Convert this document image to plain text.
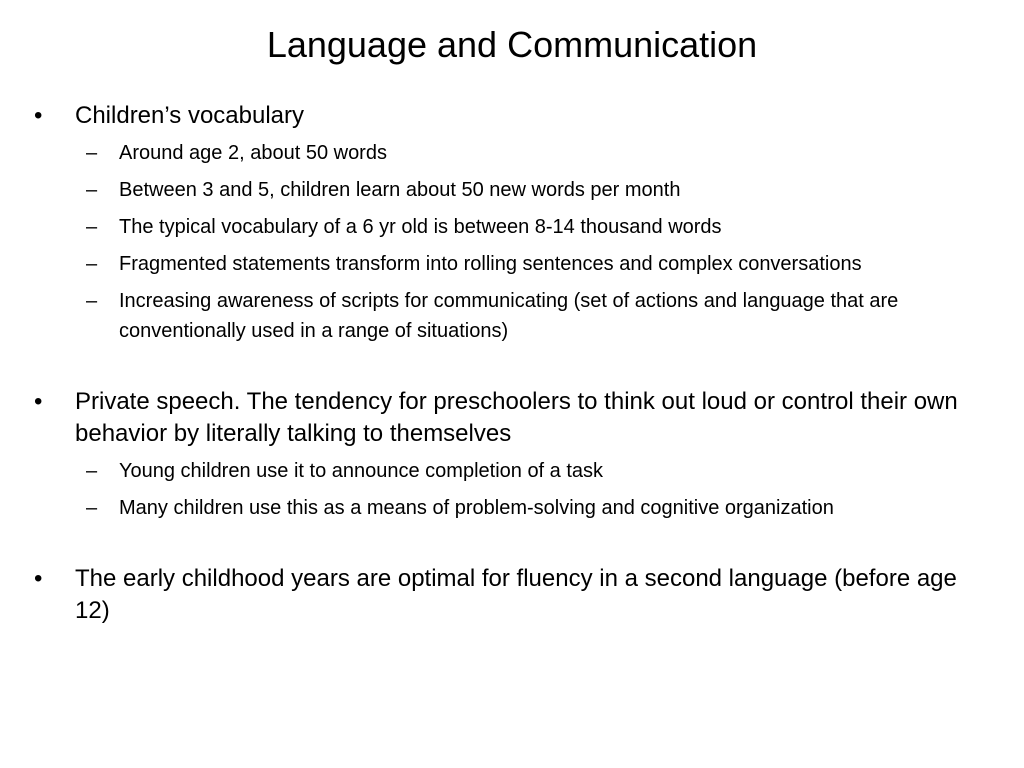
Language and Communication
•	Children’s vocabulary
– Around age 2, about 50 words
– Between 3 and 5, children learn about 50 new words per month
– The typical vocabulary of a 6 yr old is between 8-14 thousand words
– Fragmented statements transform into rolling sentences and complex conversations
– Increasing awareness of scripts for communicating (set of actions and language that are conventionally used in a range of situations)
•	Private speech. The tendency for preschoolers to think out loud or control their own behavior by literally talking to themselves
– Young children use it to announce completion of a task
– Many children use this as a means of problem-solving and cognitive organization
•	The early childhood years are optimal for fluency in a second language (before age 12)
